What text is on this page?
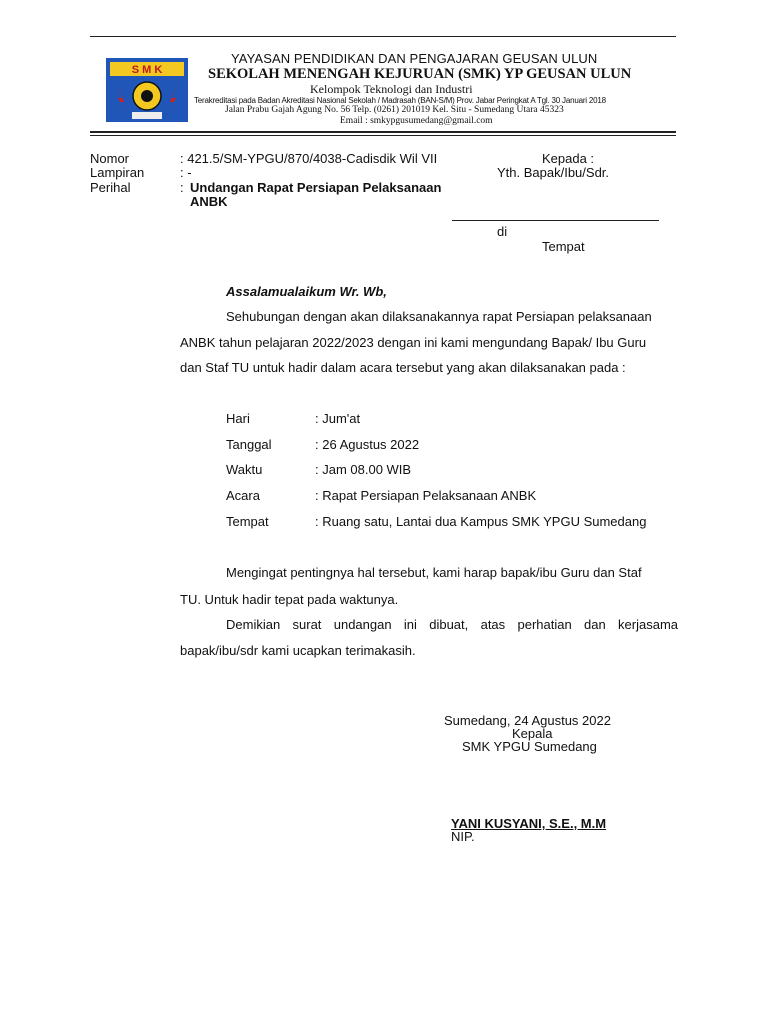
S M K
YAYASAN PENDIDIKAN DAN PENGAJARAN GEUSAN ULUN
SEKOLAH MENENGAH KEJURUAN (SMK) YP GEUSAN ULUN
Kelompok Teknologi dan Industri
Terakreditasi pada Badan Akreditasi Nasional Sekolah / Madrasah (BAN-S/M) Prov. Jabar Peringkat A Tgl. 30 Januari 2018
Jalan Prabu Gajah Agung No. 56 Telp. (0261) 201019 Kel. Situ - Sumedang Utara 45323
Email : smkypgusumedang@gmail.com
Nomor	: 421.5/SM-YPGU/870/4038-Cadisdik Wil VII
Lampiran	: -
Perihal	: Undangan Rapat Persiapan Pelaksanaan
ANBK
Kepada :
Yth. Bapak/Ibu/Sdr.
di
Tempat
Assalamualaikum Wr. Wb,
Sehubungan dengan akan dilaksanakannya rapat Persiapan pelaksanaan
ANBK tahun pelajaran 2022/2023 dengan ini kami mengundang Bapak/ Ibu Guru
dan Staf TU untuk hadir dalam acara tersebut yang akan dilaksanakan pada :
Hari	: Jum'at
Tanggal	: 26 Agustus 2022
Waktu	: Jam 08.00 WIB
Acara	: Rapat Persiapan Pelaksanaan ANBK
Tempat	: Ruang satu, Lantai dua Kampus SMK YPGU Sumedang
Mengingat pentingnya hal tersebut, kami harap bapak/ibu Guru dan Staf
TU. Untuk hadir tepat pada waktunya.
Demikian surat undangan ini dibuat, atas perhatian dan kerjasama
bapak/ibu/sdr kami ucapkan terimakasih.
Sumedang, 24 Agustus 2022
Kepala
SMK YPGU Sumedang
YANI KUSYANI, S.E., M.M
NIP.
